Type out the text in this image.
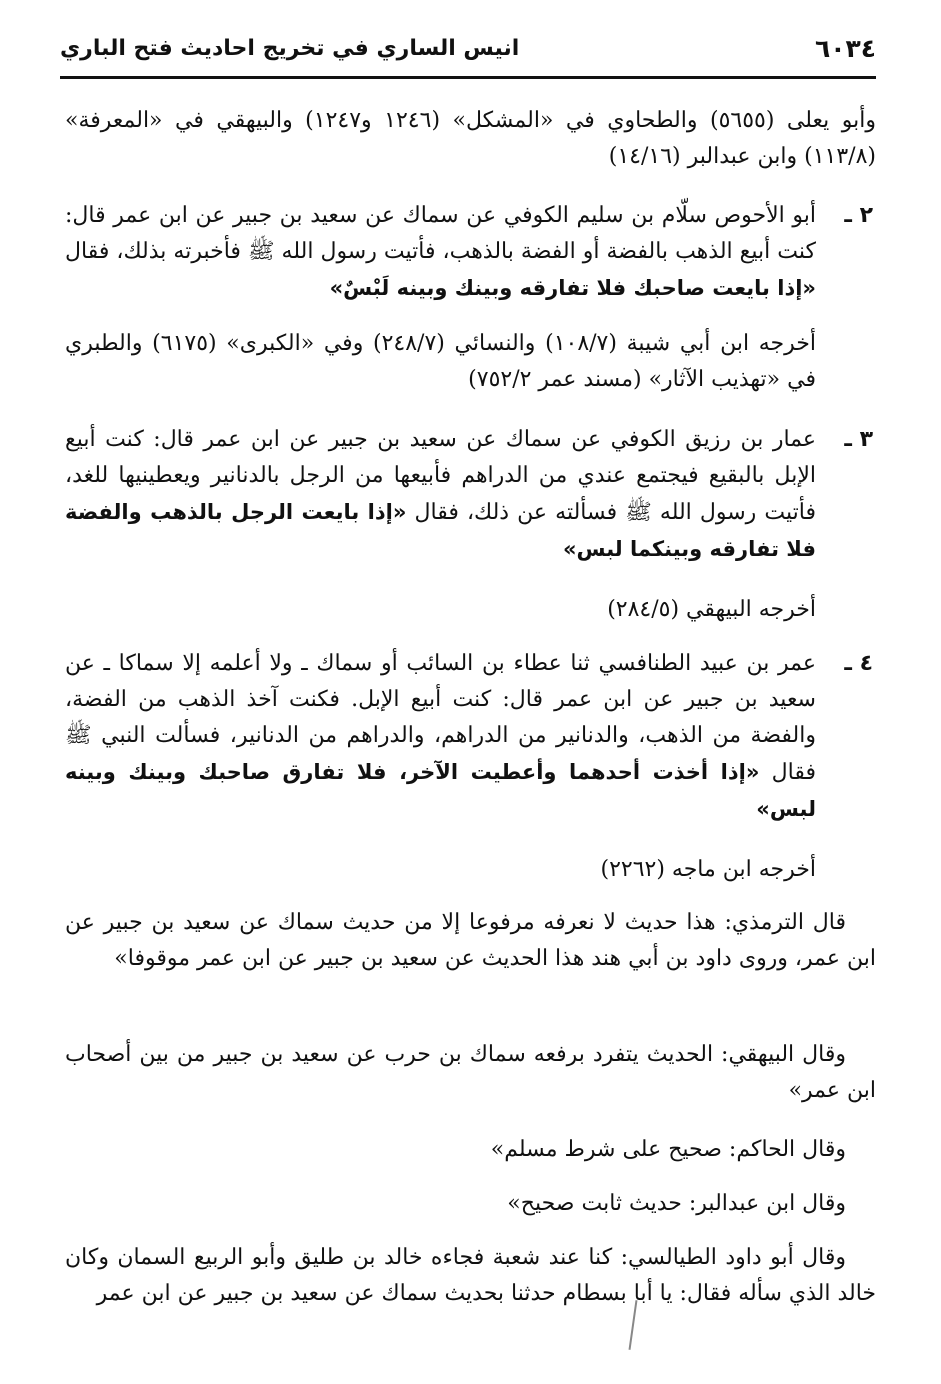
٦٠٣٤
انيس الساري في تخريج احاديث فتح الباري

وأبو يعلى (٥٦٥٥) والطحاوي في «المشكل» (١٢٤٦ و١٢٤٧) والبيهقي في «المعرفة» (١١٣/٨) وابن عبدالبر (١٤/١٦)

٢ ـ

أبو الأحوص سلّام بن سليم الكوفي عن سماك عن سعيد بن جبير عن ابن عمر قال: كنت أبيع الذهب بالفضة أو الفضة بالذهب، فأتيت رسول الله ﷺ فأخبرته بذلك، فقال «إذا بايعت صاحبك فلا تفارقه وبينك وبينه لَبْسٌ»

أخرجه ابن أبي شيبة (١٠٨/٧) والنسائي (٢٤٨/٧) وفي «الكبرى» (٦١٧٥) والطبري في «تهذيب الآثار» (مسند عمر ٧٥٢/٢)

٣ ـ

عمار بن رزيق الكوفي عن سماك عن سعيد بن جبير عن ابن عمر قال: كنت أبيع الإبل بالبقيع فيجتمع عندي من الدراهم فأبيعها من الرجل بالدنانير ويعطينيها للغد، فأتيت رسول الله ﷺ فسألته عن ذلك، فقال «إذا بايعت الرجل بالذهب والفضة فلا تفارقه وبينكما لبس»

أخرجه البيهقي (٢٨٤/٥)

٤ ـ

عمر بن عبيد الطنافسي ثنا عطاء بن السائب أو سماك ـ ولا أعلمه إلا سماكا ـ عن سعيد بن جبير عن ابن عمر قال: كنت أبيع الإبل. فكنت آخذ الذهب من الفضة، والفضة من الذهب، والدنانير من الدراهم، والدراهم من الدنانير، فسألت النبي ﷺ فقال «إذا أخذت أحدهما وأعطيت الآخر، فلا تفارق صاحبك وبينك وبينه لبس»

أخرجه ابن ماجه (٢٢٦٢)

قال الترمذي: هذا حديث لا نعرفه مرفوعا إلا من حديث سماك عن سعيد بن جبير عن ابن عمر، وروى داود بن أبي هند هذا الحديث عن سعيد بن جبير عن ابن عمر موقوفا»

وقال البيهقي: الحديث يتفرد برفعه سماك بن حرب عن سعيد بن جبير من بين أصحاب ابن عمر»

وقال الحاكم: صحيح على شرط مسلم»

وقال ابن عبدالبر: حديث ثابت صحيح»

وقال أبو داود الطيالسي: كنا عند شعبة فجاءه خالد بن طليق وأبو الربيع السمان وكان خالد الذي سأله فقال: يا أبا بسطام حدثنا بحديث سماك عن سعيد بن جبير عن ابن عمر
